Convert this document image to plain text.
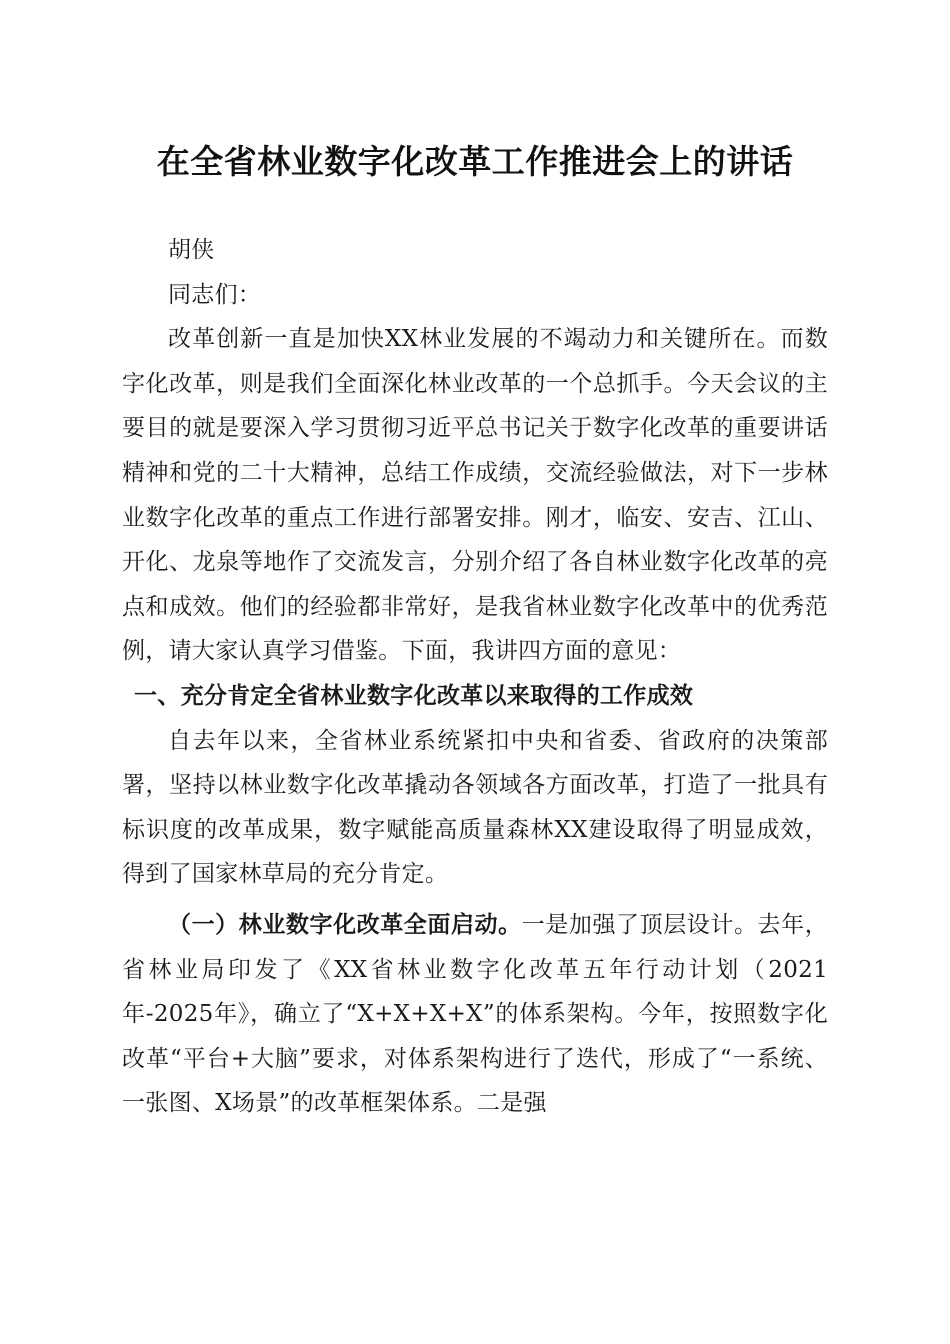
在全省林业数字化改革工作推进会上的讲话

胡侠

同志们：

改革创新一直是加快XX林业发展的不竭动力和关键所在。而数字化改革，则是我们全面深化林业改革的一个总抓手。今天会议的主要目的就是要深入学习贯彻习近平总书记关于数字化改革的重要讲话精神和党的二十大精神，总结工作成绩，交流经验做法，对下一步林业数字化改革的重点工作进行部署安排。刚才，临安、安吉、江山、开化、龙泉等地作了交流发言，分别介绍了各自林业数字化改革的亮点和成效。他们的经验都非常好，是我省林业数字化改革中的优秀范例，请大家认真学习借鉴。下面，我讲四方面的意见：

一、充分肯定全省林业数字化改革以来取得的工作成效

自去年以来，全省林业系统紧扣中央和省委、省政府的决策部署，坚持以林业数字化改革撬动各领域各方面改革，打造了一批具有标识度的改革成果，数字赋能高质量森林XX建设取得了明显成效，得到了国家林草局的充分肯定。

（一）林业数字化改革全面启动。一是加强了顶层设计。去年，省林业局印发了《XX省林业数字化改革五年行动计划（2021年-2025年》，确立了“X+X+X+X”的体系架构。今年，按照数字化改革“平台+大脑”要求，对体系架构进行了迭代，形成了“一系统、一张图、X场景”的改革框架体系。二是强
